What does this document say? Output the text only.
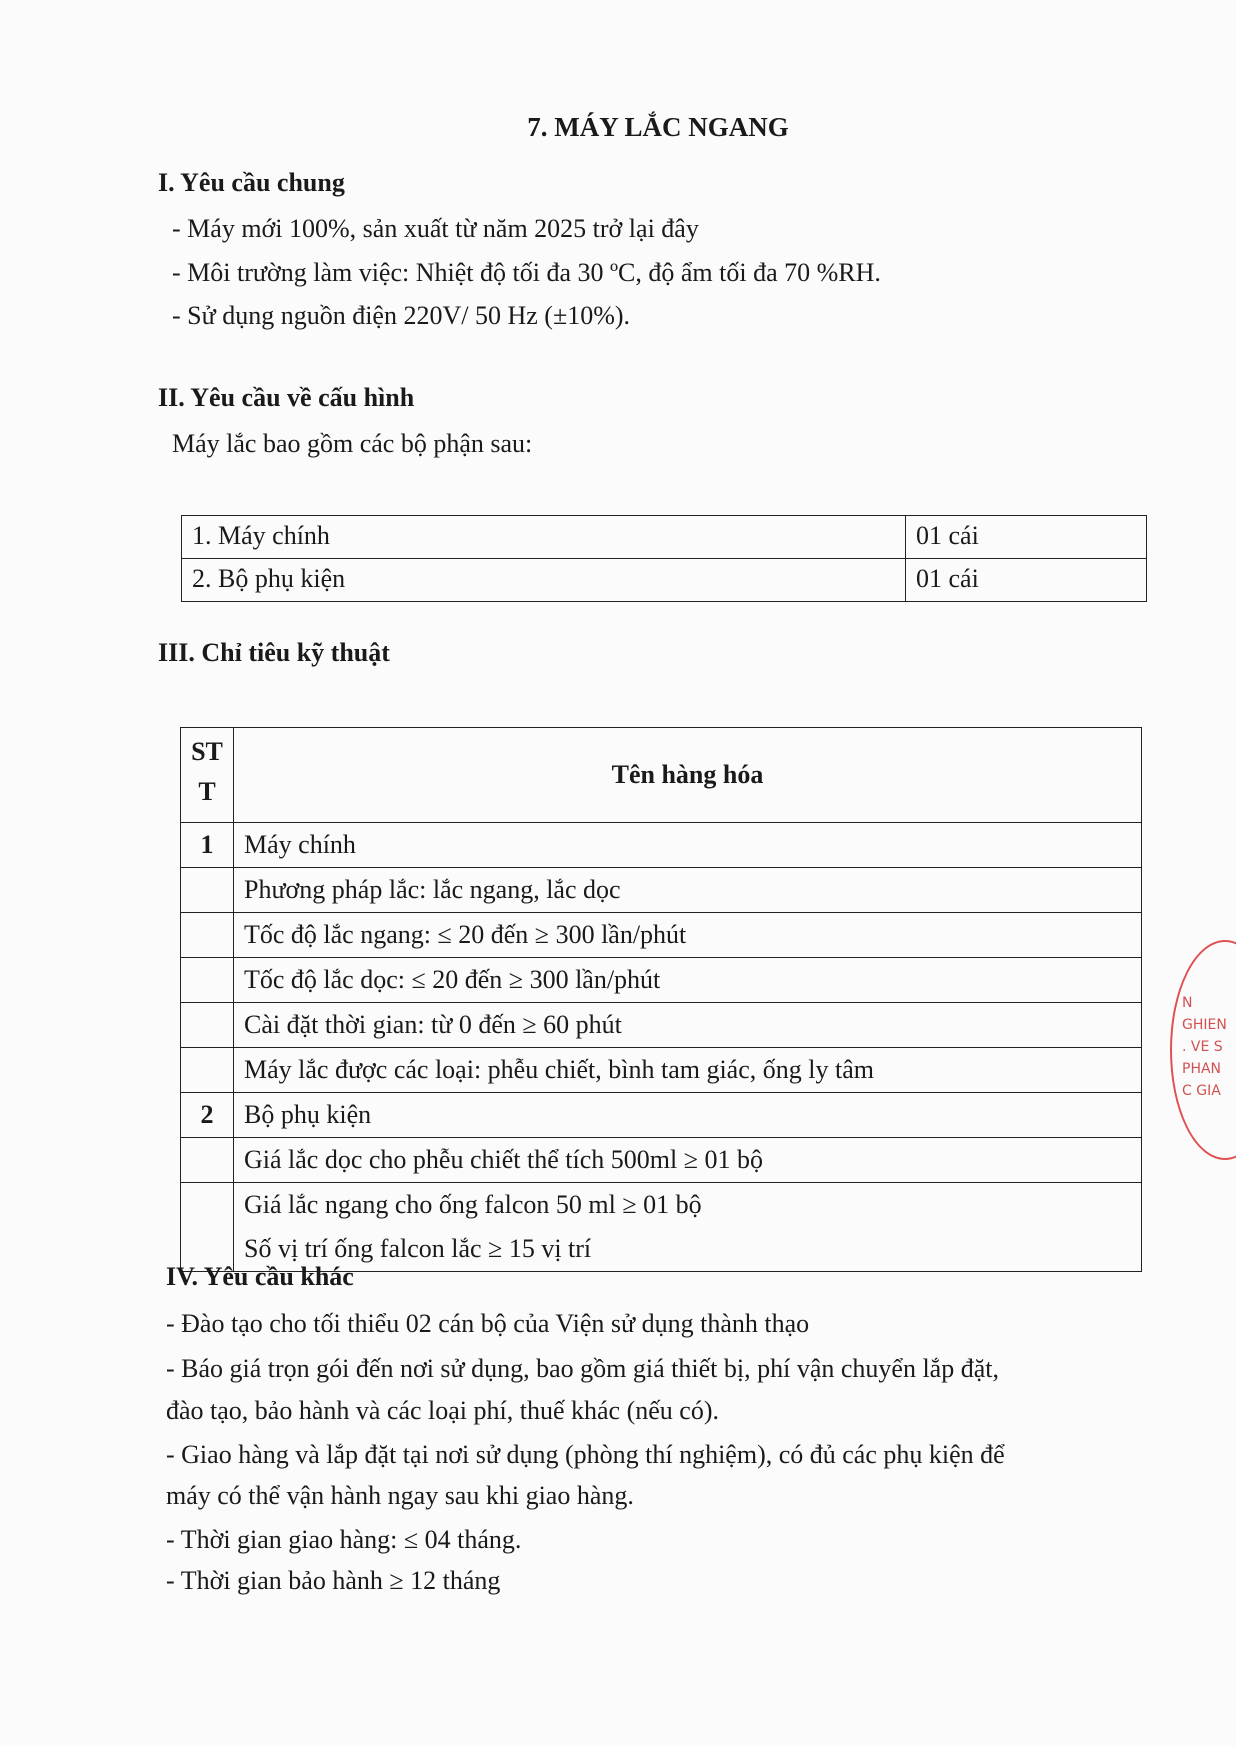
7. MÁY LẮC NGANG
I. Yêu cầu chung
- Máy mới 100%, sản xuất từ năm 2025 trở lại đây
- Môi trường làm việc: Nhiệt độ tối đa 30 ºC, độ ẩm tối đa 70 %RH.
- Sử dụng nguồn điện 220V/ 50 Hz (±10%).
II. Yêu cầu về cấu hình
Máy lắc bao gồm các bộ phận sau:
1. Máy chính	01 cái
2. Bộ phụ kiện	01 cái
III. Chỉ tiêu kỹ thuật
ST
T	Tên hàng hóa
1	Máy chính
	Phương pháp lắc: lắc ngang, lắc dọc
	Tốc độ lắc ngang: ≤ 20 đến ≥ 300 lần/phút
	Tốc độ lắc dọc: ≤ 20 đến ≥ 300 lần/phút
	Cài đặt thời gian: từ 0 đến ≥ 60 phút
	Máy lắc được các loại: phễu chiết, bình tam giác, ống ly tâm
2	Bộ phụ kiện
	Giá lắc dọc cho phễu chiết thể tích 500ml ≥ 01 bộ

	Giá lắc ngang cho ống falcon 50 ml ≥ 01 bộ
Số vị trí ống falcon lắc ≥ 15 vị trí
IV. Yêu cầu khác
- Đào tạo cho tối thiểu 02 cán bộ của Viện sử dụng thành thạo
- Báo giá trọn gói đến nơi sử dụng, bao gồm giá thiết bị, phí vận chuyển lắp đặt,
đào tạo, bảo hành và các loại phí, thuế khác (nếu có).
- Giao hàng và lắp đặt tại nơi sử dụng (phòng thí nghiệm), có đủ các phụ kiện để
máy có thể vận hành ngay sau khi giao hàng.
- Thời gian giao hàng: ≤ 04 tháng.
- Thời gian bảo hành ≥ 12 tháng
N
GHIEN
. VE S
PHAN
C GIA
